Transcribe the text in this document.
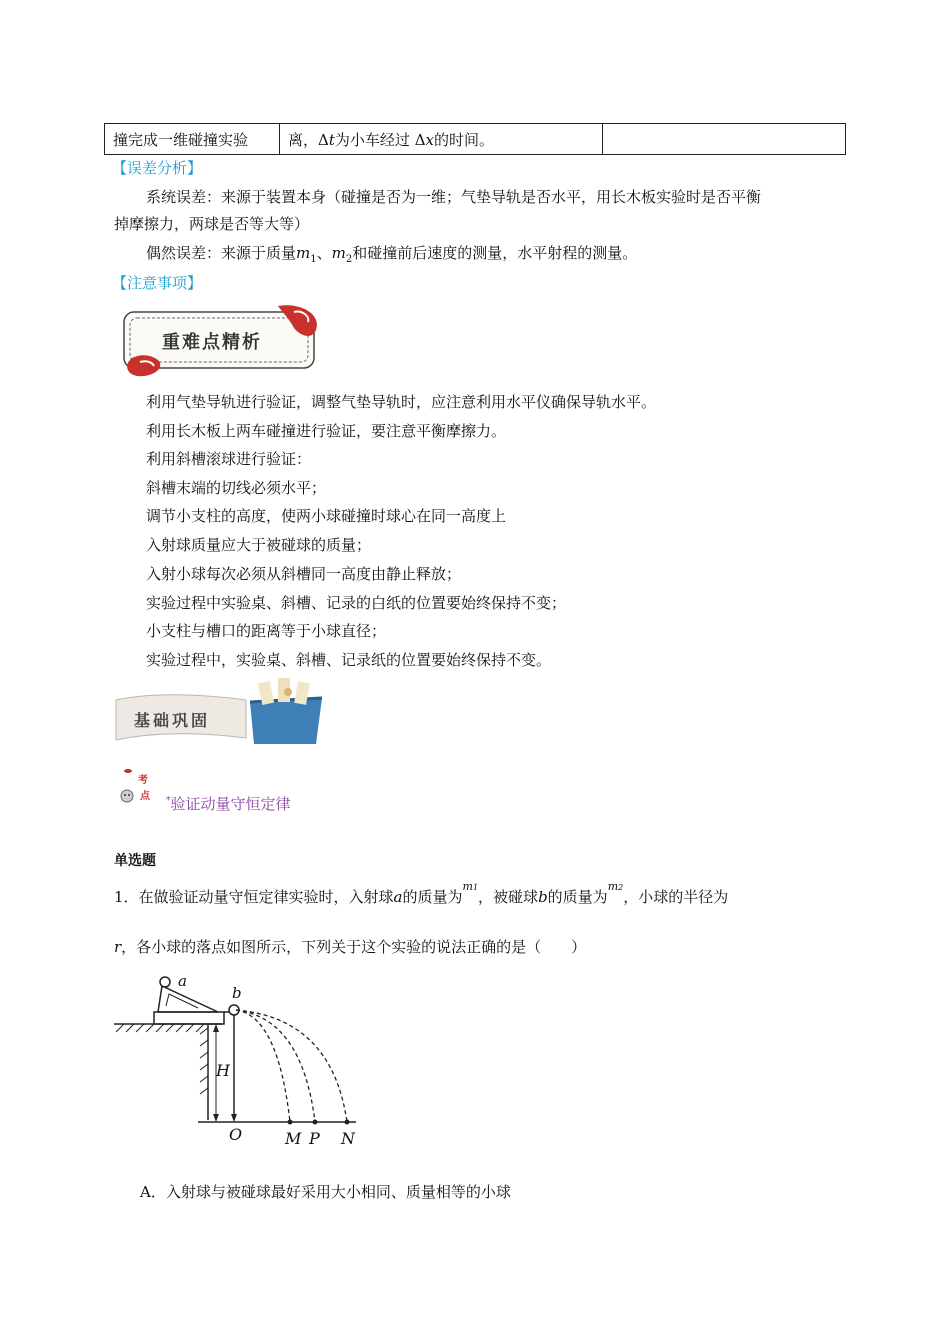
撞完成一维碰撞实验	离，Δt为小车经过 Δx的时间。	
【误差分析】
系统误差：来源于装置本身（碰撞是否为一维；气垫导轨是否水平，用长木板实验时是否平衡
掉摩擦力，两球是否等大等）
偶然误差：来源于质量$m_1$、$m_2$和碰撞前后速度的测量，水平射程的测量。
【注意事项】
重难点精析
利用气垫导轨进行验证，调整气垫导轨时，应注意利用水平仪确保导轨水平。
利用长木板上两车碰撞进行验证，要注意平衡摩擦力。
利用斜槽滚球进行验证：
斜槽末端的切线必须水平；
调节小支柱的高度，使两小球碰撞时球心在同一高度上
入射球质量应大于被碰球的质量；
入射小球每次必须从斜槽同一高度由静止释放；
实验过程中实验桌、斜槽、记录的白纸的位置要始终保持不变；
小支柱与槽口的距离等于小球直径；
实验过程中，实验桌、斜槽、记录纸的位置要始终保持不变。
基础巩固
考
点 *验证动量守恒定律
单选题
1．在做验证动量守恒定律实验时，入射球a的质量为$^{m1}$，被碰球b的质量为$^{m2}$，小球的半径为
r，各小球的落点如图所示，下列关于这个实验的说法正确的是（　　）
a
b
H
O	M P N
A．入射球与被碰球最好采用大小相同、质量相等的小球
